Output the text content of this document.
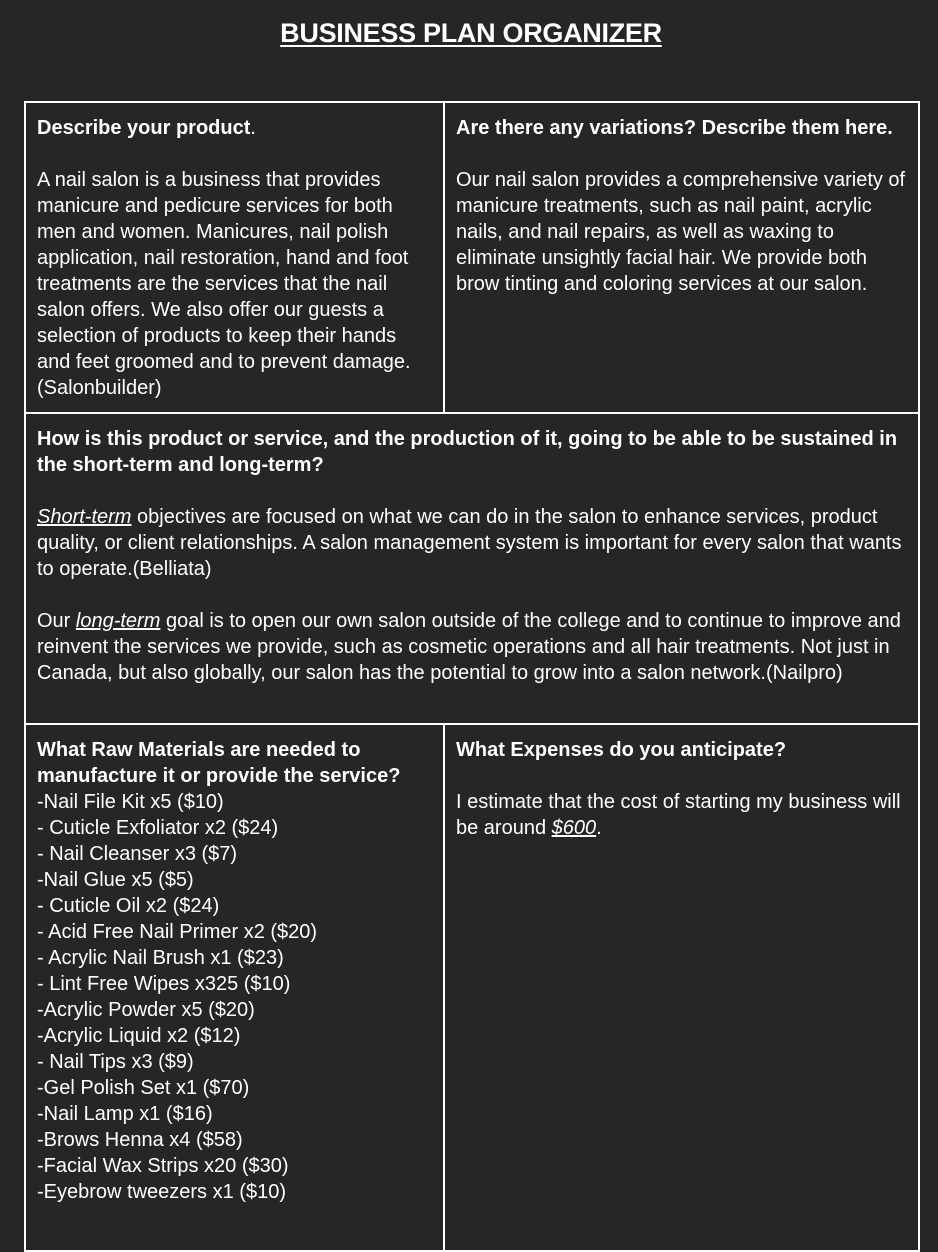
BUSINESS PLAN ORGANIZER

Describe your product.

A nail salon is a business that provides manicure and pedicure services for both men and women. Manicures, nail polish application, nail restoration, hand and foot treatments are the services that the nail salon offers. We also offer our guests a selection of products to keep their hands and feet groomed and to prevent damage. (Salonbuilder)

Are there any variations? Describe them here.

Our nail salon provides a comprehensive variety of manicure treatments, such as nail paint, acrylic nails, and nail repairs, as well as waxing to eliminate unsightly facial hair. We provide both brow tinting and coloring services at our salon.

How is this product or service, and the production of it, going to be able to be sustained in the short-term and long-term?

Short-term objectives are focused on what we can do in the salon to enhance services, product quality, or client relationships. A salon management system is important for every salon that wants to operate.(Belliata)

Our long-term goal is to open our own salon outside of the college and to continue to improve and reinvent the services we provide, such as cosmetic operations and all hair treatments. Not just in Canada, but also globally, our salon has the potential to grow into a salon network.(Nailpro)

What Raw Materials are needed to manufacture it or provide the service?

-Nail File Kit x5 ($10)

- Cuticle Exfoliator x2 ($24)

- Nail Cleanser x3 ($7)

-Nail Glue x5 ($5)

- Cuticle Oil x2 ($24)

- Acid Free Nail Primer x2 ($20)

- Acrylic Nail Brush x1 ($23)

- Lint Free Wipes x325 ($10)

-Acrylic Powder x5 ($20)

-Acrylic Liquid x2 ($12)

- Nail Tips x3 ($9)

-Gel Polish Set x1 ($70)

-Nail Lamp x1 ($16)

-Brows Henna x4 ($58)

-Facial Wax Strips x20 ($30)

-Eyebrow tweezers x1 ($10)

What Expenses do you anticipate?

I estimate that the cost of starting my business will be around $600.
